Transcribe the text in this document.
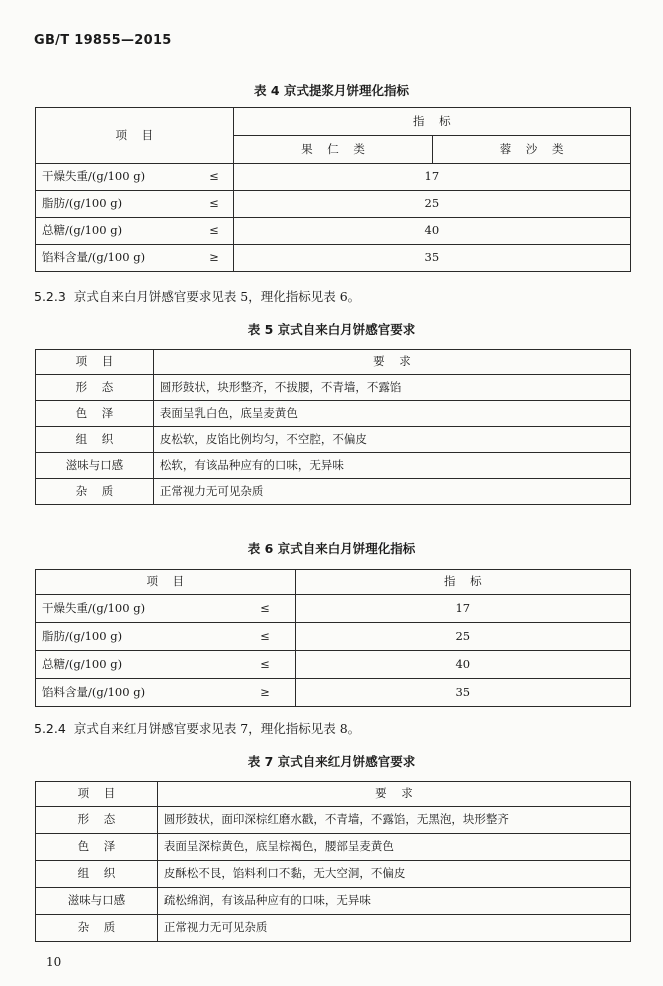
GB/T 19855—2015
表 4 京式提浆月饼理化指标
项    目		指    标	
		果    仁    类	蓉    沙    类
干燥失重/(g/100 g)	≤	17	
脂肪/(g/100 g)	≤	25	
总糖/(g/100 g)	≤	40	
馅料含量/(g/100 g)	≥	35	
5.2.3 京式自来白月饼感官要求见表 5，理化指标见表 6。
表 5 京式自来白月饼感官要求
项    目	要    求
形    态	圆形鼓状，块形整齐，不拔腰，不青墙，不露馅
色    泽	表面呈乳白色，底呈麦黄色
组    织	皮松软，皮馅比例均匀，不空腔，不偏皮
滋味与口感	松软，有该品种应有的口味，无异味
杂    质	正常视力无可见杂质
表 6 京式自来白月饼理化指标
项    目		指    标
干燥失重/(g/100 g)	≤	17
脂肪/(g/100 g)	≤	25
总糖/(g/100 g)	≤	40
馅料含量/(g/100 g)	≥	35
5.2.4 京式自来红月饼感官要求见表 7，理化指标见表 8。
表 7 京式自来红月饼感官要求
项    目	要    求
形    态	圆形鼓状，面印深棕红磨水戳，不青墙，不露馅，无黑泡，块形整齐
色    泽	表面呈深棕黄色，底呈棕褐色，腰部呈麦黄色
组    织	皮酥松不艮，馅料利口不黏，无大空洞，不偏皮
滋味与口感	疏松绵润，有该品种应有的口味，无异味
杂    质	正常视力无可见杂质
10
